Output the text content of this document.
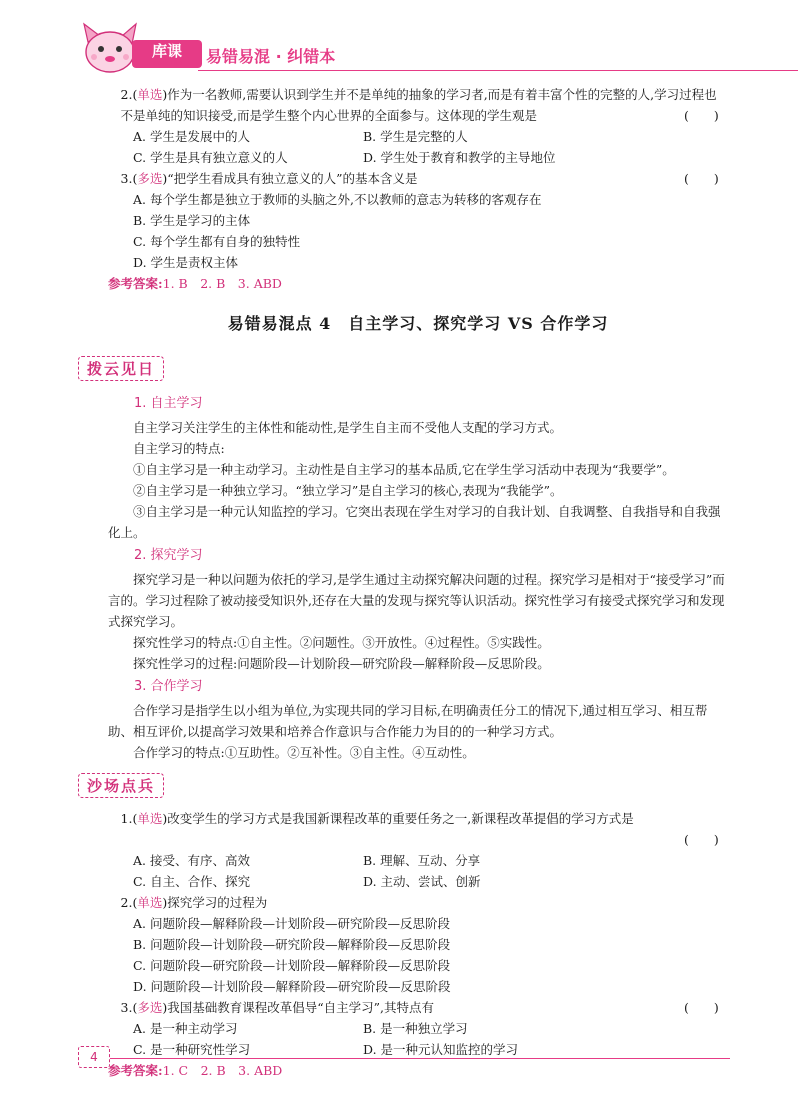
库课
Wook Like	易错易混 · 纠错本

2.(单选)作为一名教师,需要认识到学生并不是单纯的抽象的学习者,而是有着丰富个性的完整的人,学习过程也不是单纯的知识接受,而是学生整个内心世界的全面参与。这体现的学生观是	(　　)

A. 学生是发展中的人	B. 学生是完整的人
C. 学生是具有独立意义的人	D. 学生处于教育和教学的主导地位

3.(多选)“把学生看成具有独立意义的人”的基本含义是	(　　)

A. 每个学生都是独立于教师的头脑之外,不以教师的意志为转移的客观存在
B. 学生是学习的主体
C. 每个学生都有自身的独特性
D. 学生是责权主体
参考答案:1. B　2. B　3. ABD
易错易混点 4　自主学习、探究学习 VS 合作学习
拨云见日
1. 自主学习

自主学习关注学生的主体性和能动性,是学生自主而不受他人支配的学习方式。

自主学习的特点:

①自主学习是一种主动学习。主动性是自主学习的基本品质,它在学生学习活动中表现为“我要学”。

②自主学习是一种独立学习。“独立学习”是自主学习的核心,表现为“我能学”。

③自主学习是一种元认知监控的学习。它突出表现在学生对学习的自我计划、自我调整、自我指导和自我强化上。

2. 探究学习

探究学习是一种以问题为依托的学习,是学生通过主动探究解决问题的过程。探究学习是相对于“接受学习”而言的。学习过程除了被动接受知识外,还存在大量的发现与探究等认识活动。探究性学习有接受式探究学习和发现式探究学习。

探究性学习的特点:①自主性。②问题性。③开放性。④过程性。⑤实践性。

探究性学习的过程:问题阶段—计划阶段—研究阶段—解释阶段—反思阶段。

3. 合作学习

合作学习是指学生以小组为单位,为实现共同的学习目标,在明确责任分工的情况下,通过相互学习、相互帮助、相互评价,以提高学习效果和培养合作意识与合作能力为目的的一种学习方式。

合作学习的特点:①互助性。②互补性。③自主性。④互动性。

沙场点兵

1.(单选)改变学生的学习方式是我国新课程改革的重要任务之一,新课程改革提倡的学习方式是

(　　)

A. 接受、有序、高效	B. 理解、互动、分享
C. 自主、合作、探究	D. 主动、尝试、创新

2.(单选)探究学习的过程为

A. 问题阶段—解释阶段—计划阶段—研究阶段—反思阶段
B. 问题阶段—计划阶段—研究阶段—解释阶段—反思阶段
C. 问题阶段—研究阶段—计划阶段—解释阶段—反思阶段
D. 问题阶段—计划阶段—解释阶段—研究阶段—反思阶段

3.(多选)我国基础教育课程改革倡导“自主学习”,其特点有	(　　)

A. 是一种主动学习	B. 是一种独立学习
C. 是一种研究性学习	D. 是一种元认知监控的学习
参考答案:1. C　2. B　3. ABD
4
